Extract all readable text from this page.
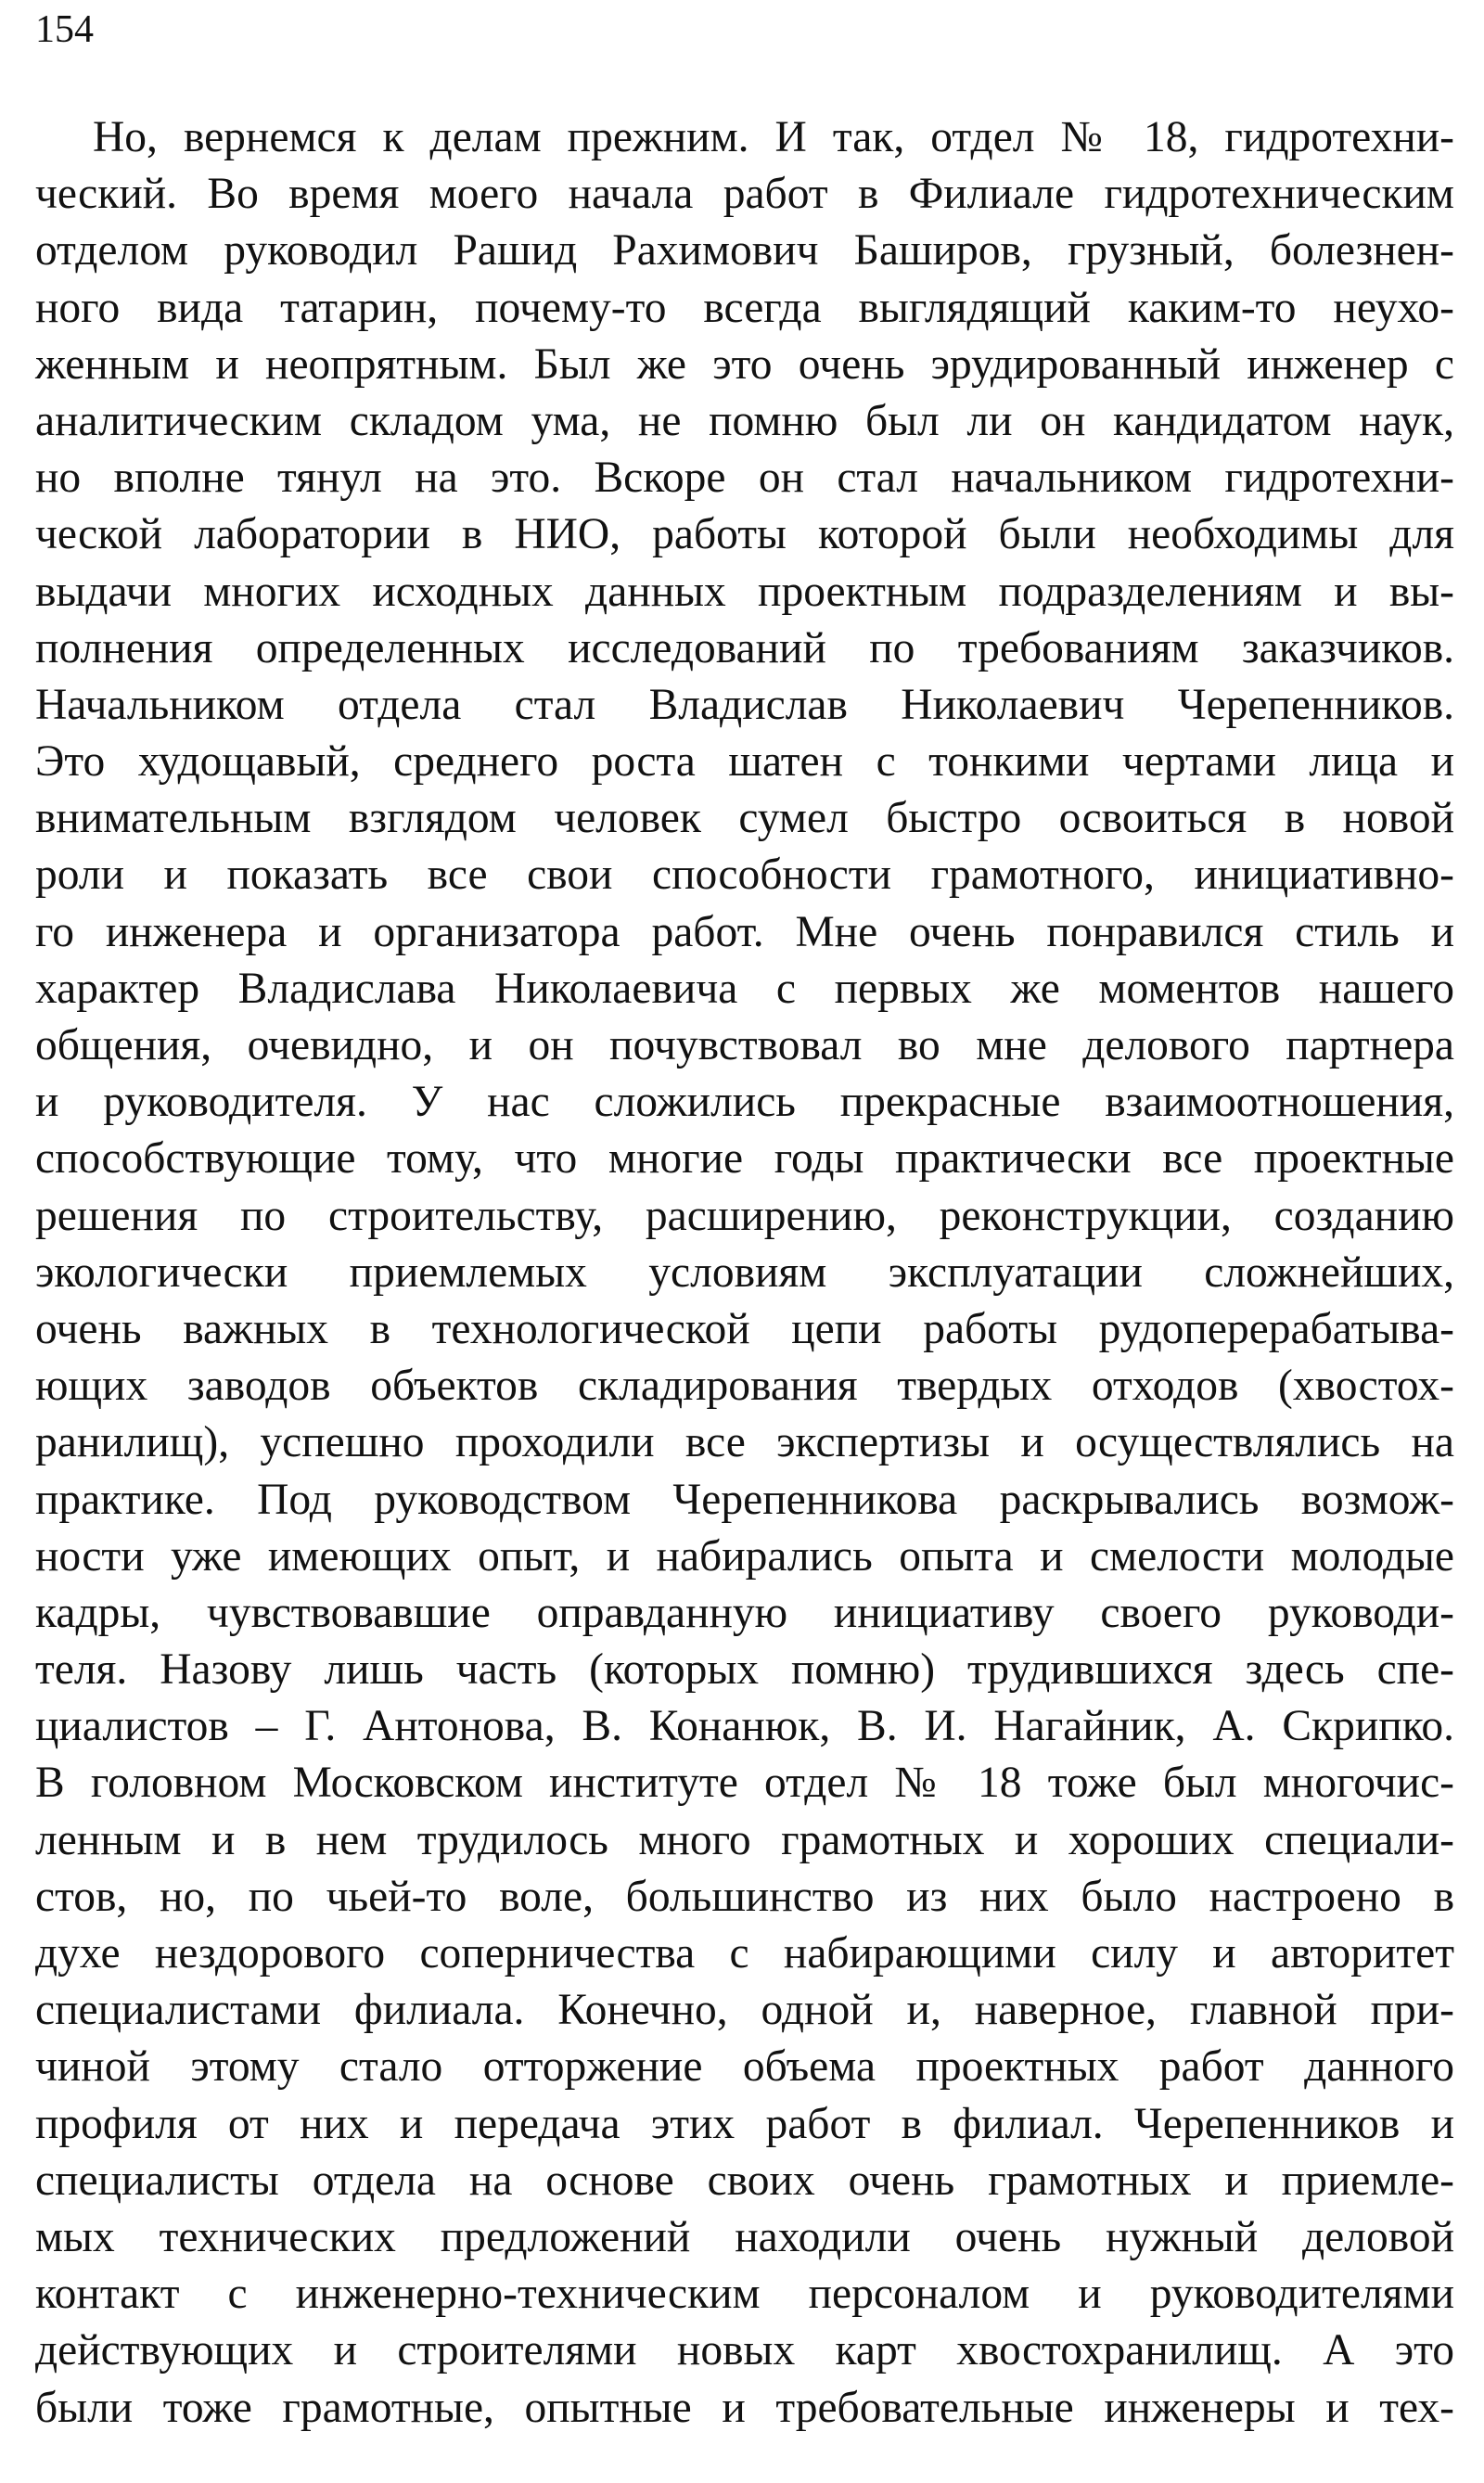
154
Но, вернемся к делам прежним. И так, отдел № 18, гидротехни-
ческий. Во время моего начала работ в Филиале гидротехническим
отделом руководил Рашид Рахимович Баширов, грузный, болезнен-
ного вида татарин, почему-то всегда выглядящий каким-то неухо-
женным и неопрятным. Был же это очень эрудированный инженер с
аналитическим складом ума, не помню был ли он кандидатом наук,
но вполне тянул на это. Вскоре он стал начальником гидротехни-
ческой лаборатории в НИО, работы которой были необходимы для
выдачи многих исходных данных проектным подразделениям и вы-
полнения определенных исследований по требованиям заказчиков.
Начальником отдела стал Владислав Николаевич Черепенников.
Это худощавый, среднего роста шатен с тонкими чертами лица и
внимательным взглядом человек сумел быстро освоиться в новой
роли и показать все свои способности грамотного, инициативно-
го инженера и организатора работ. Мне очень понравился стиль и
характер Владислава Николаевича с первых же моментов нашего
общения, очевидно, и он почувствовал во мне делового партнера
и руководителя. У нас сложились прекрасные взаимоотношения,
способствующие тому, что многие годы практически все проектные
решения по строительству, расширению, реконструкции, созданию
экологически приемлемых условиям эксплуатации сложнейших,
очень важных в технологической цепи работы рудоперерабатыва-
ющих заводов объектов складирования твердых отходов (хвостох-
ранилищ), успешно проходили все экспертизы и осуществлялись на
практике. Под руководством Черепенникова раскрывались возмож-
ности уже имеющих опыт, и набирались опыта и смелости молодые
кадры, чувствовавшие оправданную инициативу своего руководи-
теля. Назову лишь часть (которых помню) трудившихся здесь спе-
циалистов – Г. Антонова, В. Конанюк, В. И. Нагайник, А. Скрипко.
В головном Московском институте отдел № 18 тоже был многочис-
ленным и в нем трудилось много грамотных и хороших специали-
стов, но, по чьей-то воле, большинство из них было настроено в
духе нездорового соперничества с набирающими силу и авторитет
специалистами филиала. Конечно, одной и, наверное, главной при-
чиной этому стало отторжение объема проектных работ данного
профиля от них и передача этих работ в филиал. Черепенников и
специалисты отдела на основе своих очень грамотных и приемле-
мых технических предложений находили очень нужный деловой
контакт с инженерно-техническим персоналом и руководителями
действующих и строителями новых карт хвостохранилищ. А это
были тоже грамотные, опытные и требовательные инженеры и тех-
